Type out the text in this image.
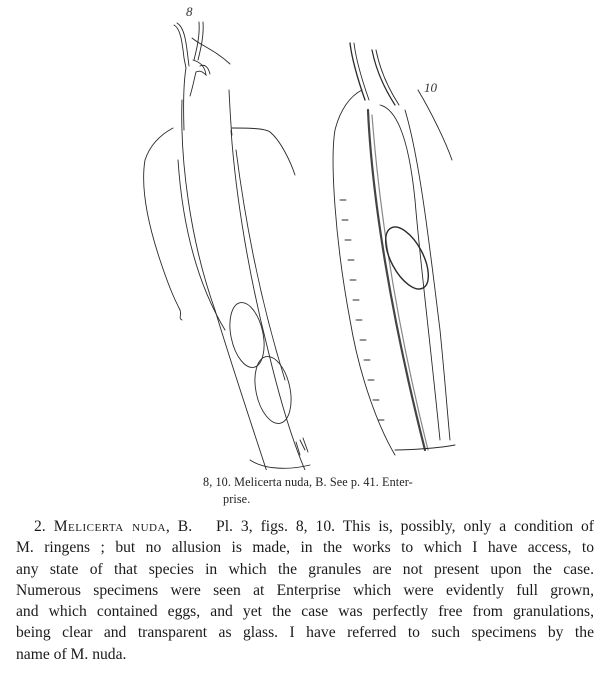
8
10
8, 10. Melicerta nuda, B. See p. 41. Enter-
prise.
2. Melicerta nuda, B. Pl. 3, figs. 8, 10. This is, possibly, only a condition of
M. ringens ; but no allusion is made, in the works to which I have access, to
any state of that species in which the granules are not present upon the case.
Numerous specimens were seen at Enterprise which were evidently full grown,
and which contained eggs, and yet the case was perfectly free from granulations,
being clear and transparent as glass. I have referred to such specimens by the
name of M. nuda.
